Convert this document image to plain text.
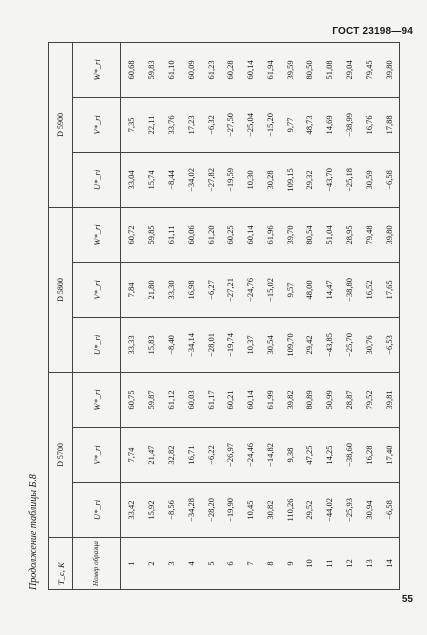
ГОСТ 23198—94
Продолжение таблицы Б.8 T_c, K	D 5700			D 5800			D 5900		
Номер образца	U*_ri	V*_ri	W*_ri	U*_ri	V*_ri	W*_ri	U*_ri	V*_ri	W*_ri
1	33,42	7,74	60,75	33,33	7,84	60,72	33,04	7,35	60,68
2	15,92	21,47	59,87	15,83	21,80	59,85	15,74	22,11	59,83
3	−8,56	32,82	61,12	−8,40	33,30	61,11	−8,44	33,76	61,10
4	−34,28	16,71	60,03	−34,14	16,98	60,06	−34,02	17,23	60,09
5	−28,20	−6,22	61,17	−28,01	−6,27	61,20	−27,82	−6,32	61,23
6	−19,90	−26,97	60,21	−19,74	−27,21	60,25	−19,59	−27,50	60,28
7	10,45	−24,46	60,14	10,37	−24,76	60,14	10,30	−25,04	60,14
8	30,82	−14,82	61,99	30,54	−15,02	61,96	30,28	−15,20	61,94
9	110,26	9,38	39,82	109,70	9,57	39,70	109,15	9,77	39,59
10	29,52	47,25	80,89	29,42	48,00	80,54	29,32	48,73	80,50
11	−44,02	14,25	50,99	−43,85	14,47	51,04	−43,70	14,69	51,08
12	−25,93	−38,60	28,87	−25,70	−38,80	28,95	−25,18	−38,99	29,04
13	30,94	16,28	79,52	30,76	16,52	79,48	30,59	16,76	79,45
14	−6,58	17,40	39,81	−6,53	17,65	39,80	−6,58	17,88	39,80
55
